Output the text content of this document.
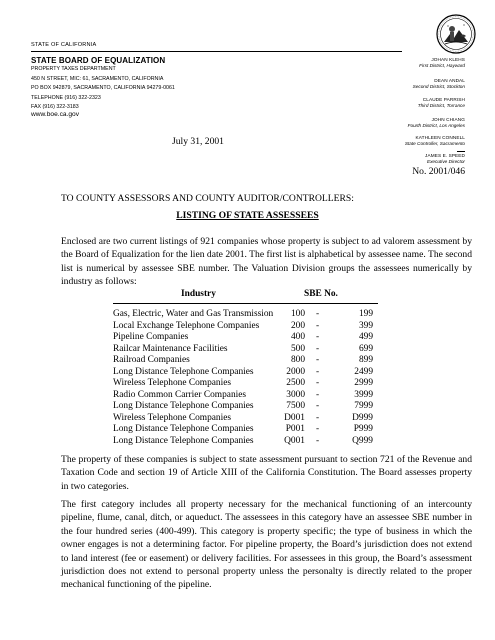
STATE OF CALIFORNIA
STATE BOARD OF EQUALIZATION
PROPERTY TAXES DEPARTMENT
450 N STREET, MIC: 61, SACRAMENTO, CALIFORNIA
PO BOX 942879, SACRAMENTO, CALIFORNIA 94279-0061
TELEPHONE (916) 322-2323
FAX (916) 322-3183
www.boe.ca.gov
JOHAN KLEHS
First District, Hayward
DEAN ANDAL
Second District, Stockton
CLAUDE PARRISH
Third District, Torrance
JOHN CHIANG
Fourth District, Los Angeles
KATHLEEN CONNELL
State Controller, Sacramento
JAMES E. SPEED
Executive Director
July 31, 2001
No. 2001/046
TO COUNTY ASSESSORS AND COUNTY AUDITOR/CONTROLLERS:
LISTING OF STATE ASSESSEES
Enclosed are two current listings of 921 companies whose property is subject to ad valorem assessment by the Board of Equalization for the lien date 2001. The first list is alphabetical by assessee name. The second list is numerical by assessee SBE number. The Valuation Division groups the assessees numerically by industry as follows:
Industry	SBE No.
Gas, Electric, Water and Gas Transmission 100 -	199
Local Exchange Telephone Companies	200 -	399
Pipeline Companies	400 -	499
Railcar Maintenance Facilities	500 -	699
Railroad Companies	800 -	899
Long Distance Telephone Companies	2000 -	2499
Wireless Telephone Companies	2500 -	2999
Radio Common Carrier Companies	3000 -	3999
Long Distance Telephone Companies	7500 -	7999
Wireless Telephone Companies	D001 -	D999
Long Distance Telephone Companies	P001 -	P999
Long Distance Telephone Companies	Q001 -	Q999
The property of these companies is subject to state assessment pursuant to section 721 of the Revenue and Taxation Code and section 19 of Article XIII of the California Constitution. The Board assesses property in two categories.
The first category includes all property necessary for the mechanical functioning of an intercounty pipeline, flume, canal, ditch, or aqueduct. The assessees in this category have an assessee SBE number in the four hundred series (400-499). This category is property specific; the type of business in which the owner engages is not a determining factor. For pipeline property, the Board’s jurisdiction does not extend to land interest (fee or easement) or delivery facilities. For assessees in this group, the Board’s assessment jurisdiction does not extend to personal property unless the personalty is directly related to the proper mechanical functioning of the pipeline.
